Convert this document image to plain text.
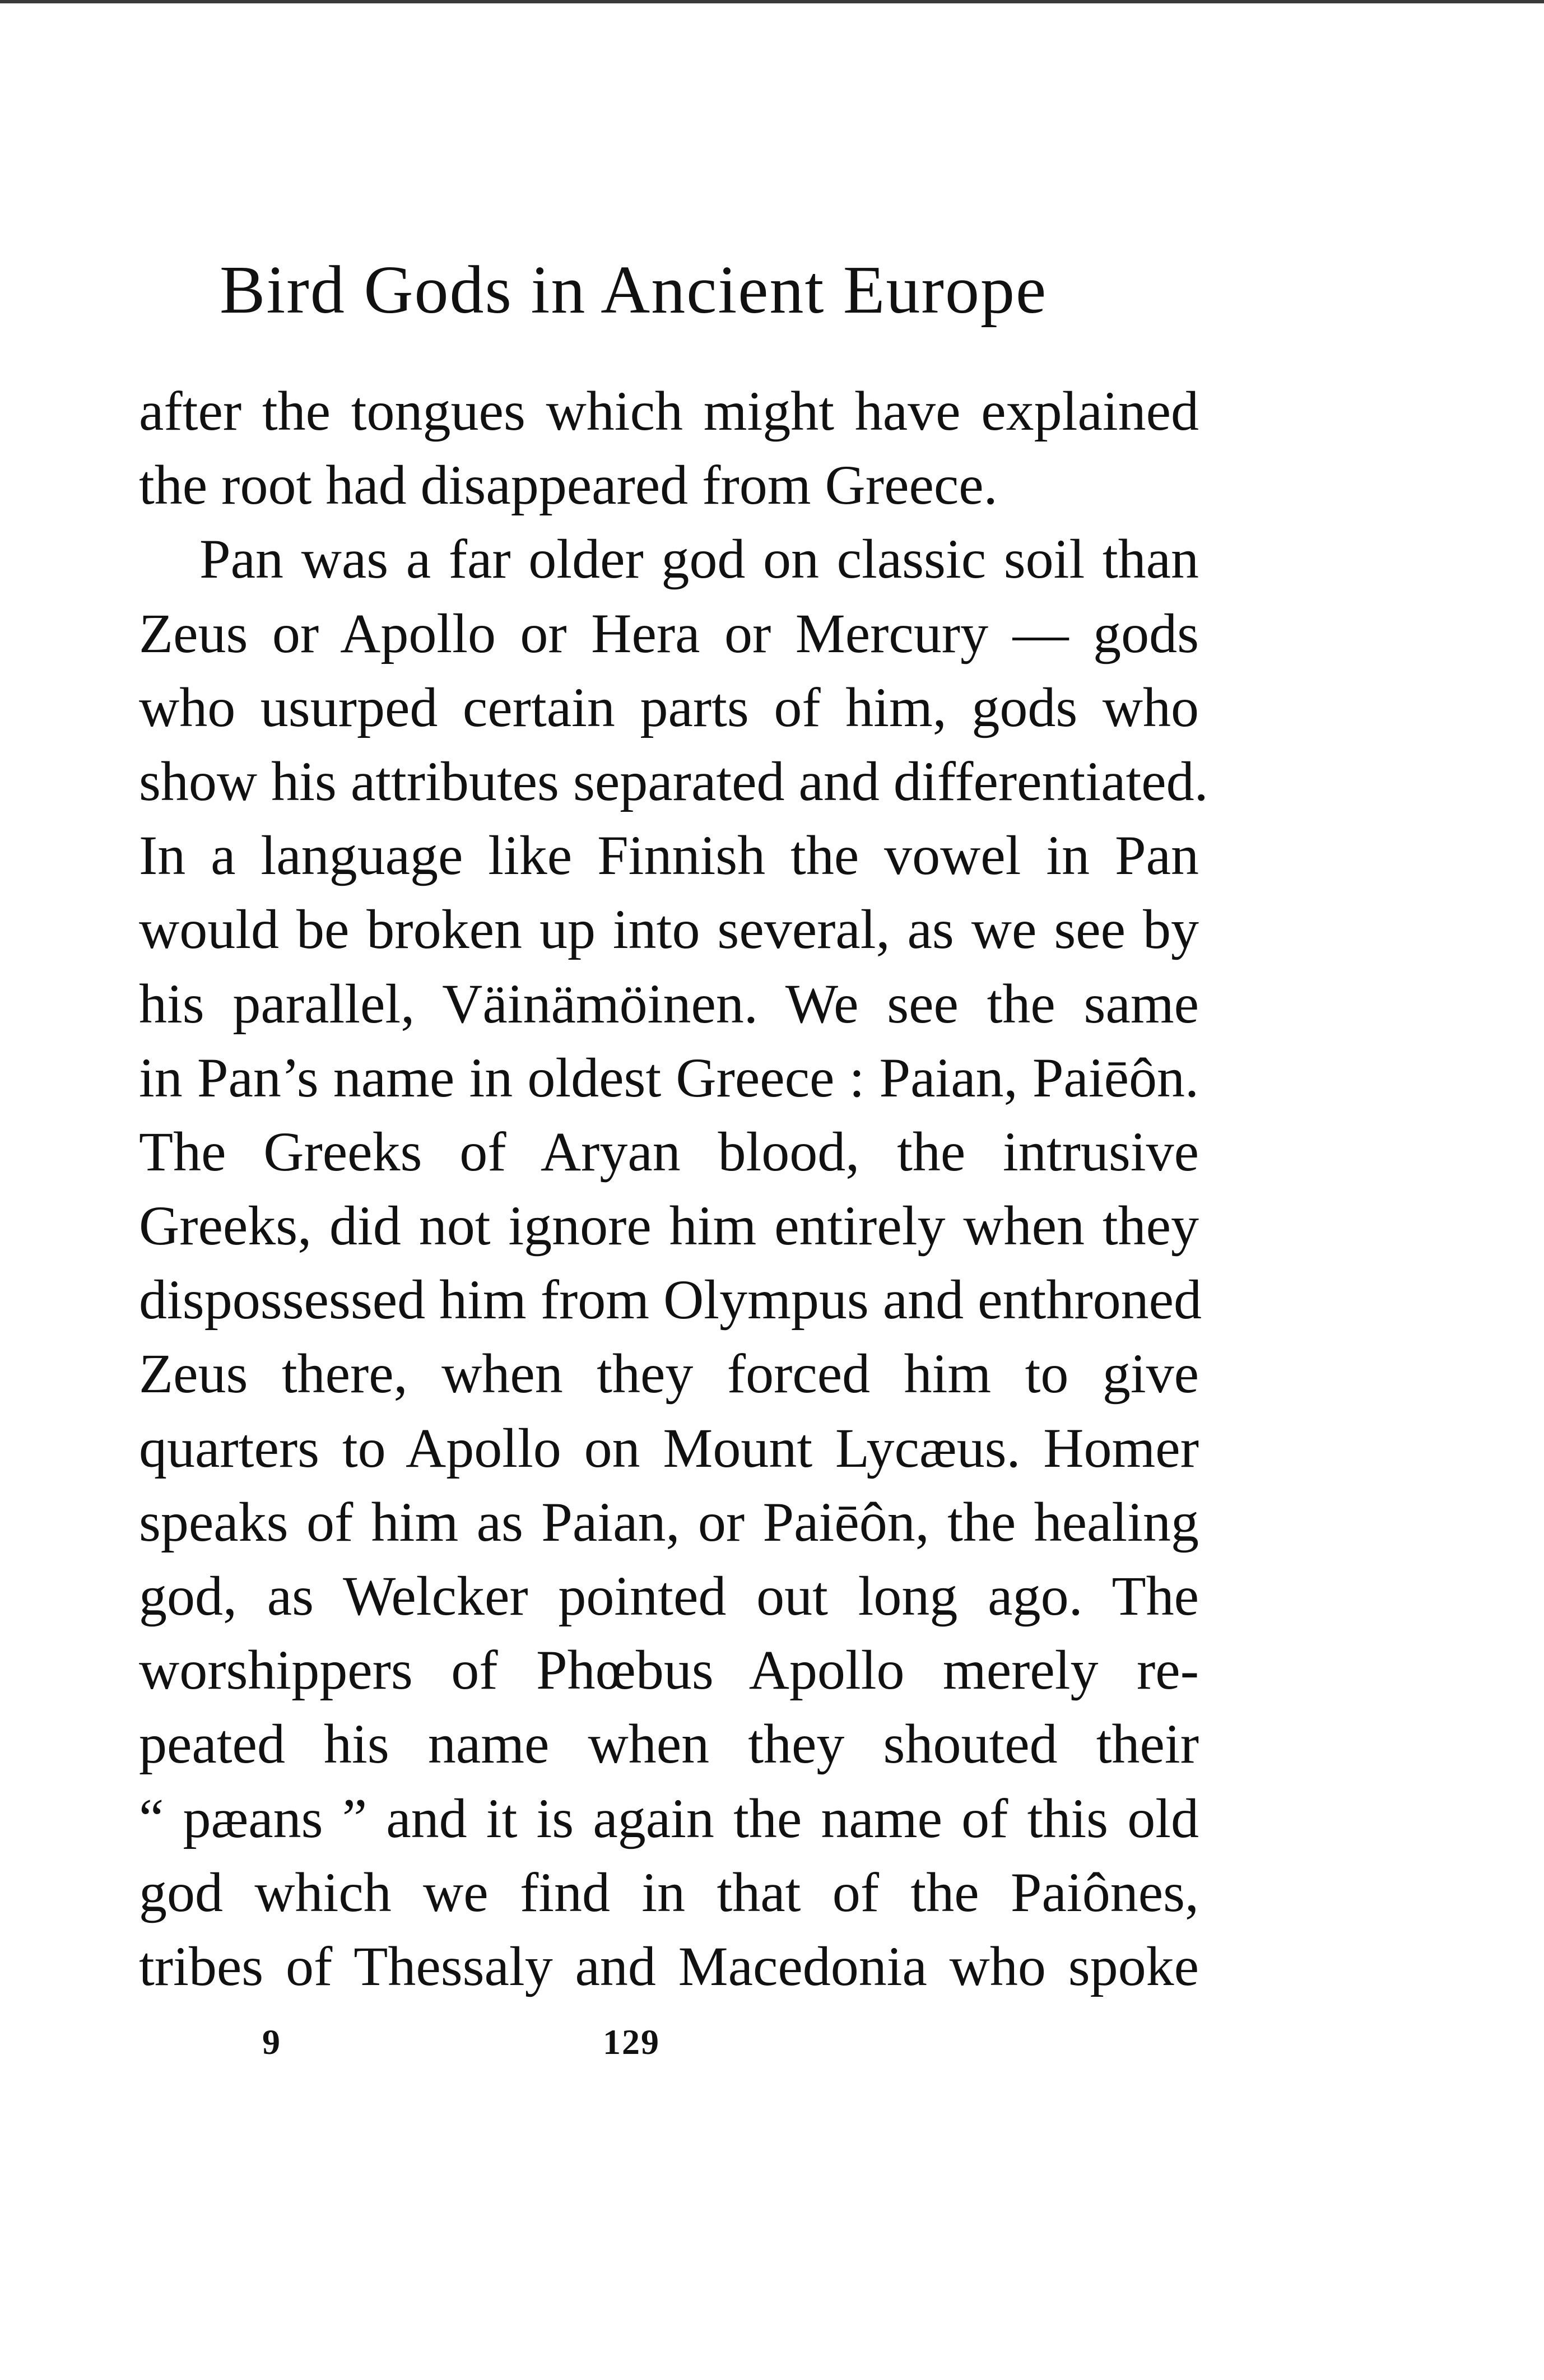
Bird Gods in Ancient Europe
after the tongues which might have explained
the root had disappeared from Greece.
Pan was a far older god on classic soil than
Zeus or Apollo or Hera or Mercury — gods
who usurped certain parts of him, gods who
show his attributes separated and differentiated.
In a language like Finnish the vowel in Pan
would be broken up into several, as we see by
his parallel, Väinämöinen. We see the same
in Pan’s name in oldest Greece : Paian, Paiēôn.
The Greeks of Aryan blood, the intrusive
Greeks, did not ignore him entirely when they
dispossessed him from Olympus and enthroned
Zeus there, when they forced him to give
quarters to Apollo on Mount Lycæus. Homer
speaks of him as Paian, or Paiēôn, the healing
god, as Welcker pointed out long ago. The
worshippers of Phœbus Apollo merely re-
peated his name when they shouted their
“ pæans ” and it is again the name of this old
god which we find in that of the Paiônes,
tribes of Thessaly and Macedonia who spoke
9	129
